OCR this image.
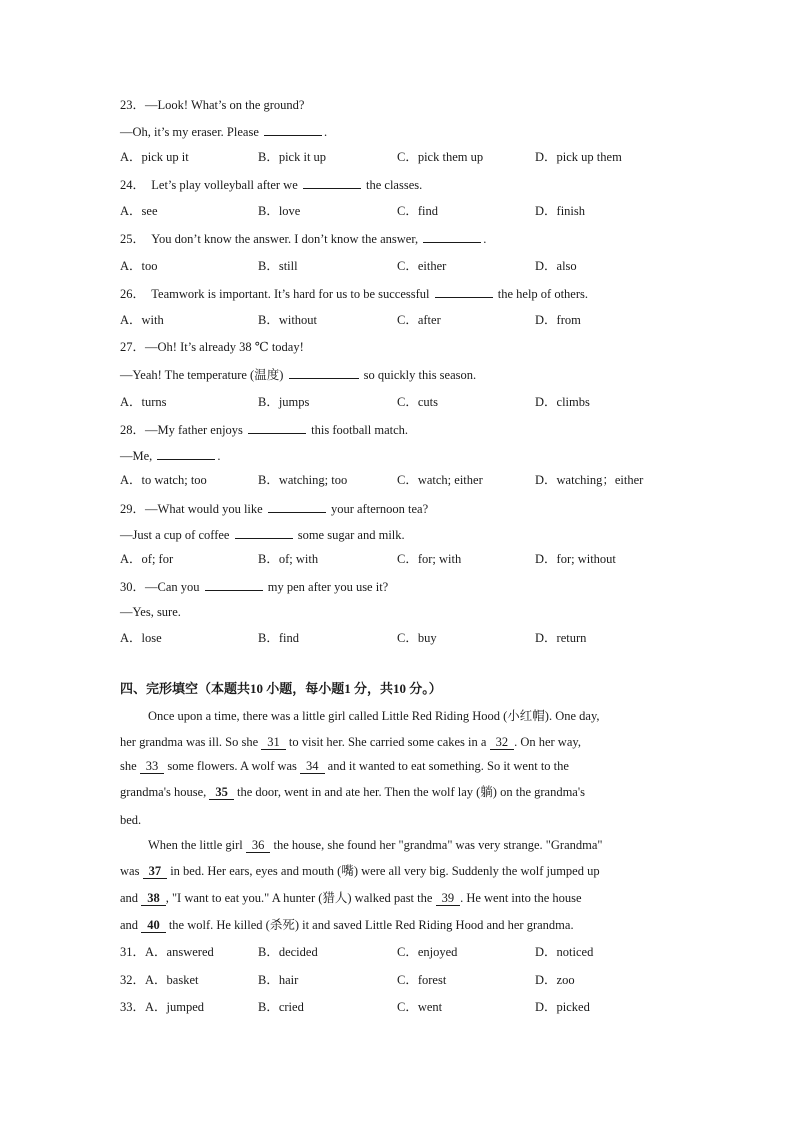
23．—Look! What’s on the ground?
—Oh, it’s my eraser. Please	.
A．pick up it	B．pick it up	C．pick them up	D．pick up them
24． Let’s play volleyball after we	the classes.
A．see	B．love	C．find	D．finish
25． You don’t know the answer. I don’t know the answer,	.
A．too	B．still	C．either	D．also
26． Teamwork is important. It’s hard for us to be successful	the help of others.
A．with	B．without	C．after	D．from
27．—Oh! It’s already 38 ℃ today!
—Yeah! The temperature (温度)	so quickly this season.
A．turns	B．jumps	C．cuts	D．climbs
28．—My father enjoys	this football match.
—Me,	.
A．to watch; too	B．watching; too	C．watch; either	D．watching；either
29．—What would you like	your afternoon tea?
—Just a cup of coffee	some sugar and milk.
A．of; for	B．of; with	C．for; with	D．for; without
30．—Can you	my pen after you use it?
—Yes, sure.
A．lose	B．find	C．buy	D．return
四、完形填空（本题共10 小题，每小题1 分，共10 分。）
Once upon a time, there was a little girl called Little Red Riding Hood (小红帽). One day,
her grandma was ill. So she 31 to visit her. She carried some cakes in a 32 . On her way,
she 33 some flowers. A wolf was 34 and it wanted to eat something. So it went to the
grandma's house, 35 the door, went in and ate her. Then the wolf lay (躺) on the grandma's
bed.
When the little girl 36 the house, she found her "grandma" was very strange. "Grandma"
was 37 in bed. Her ears, eyes and mouth (嘴) were all very big. Suddenly the wolf jumped up
and 38 , "I want to eat you." A hunter (猎人) walked past the 39 . He went into the house
and 40 the wolf. He killed (杀死) it and saved Little Red Riding Hood and her grandma.
31．A．answered	B．decided	C．enjoyed	D．noticed
32．A．basket	B．hair	C．forest	D．zoo
33．A．jumped	B．cried	C．went	D．picked
